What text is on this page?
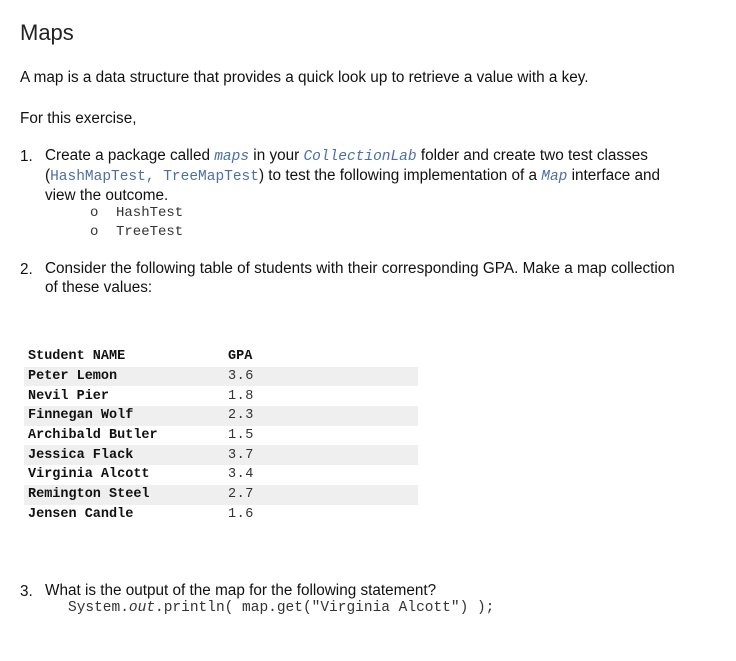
Maps
A map is a data structure that provides a quick look up to retrieve a value with a key.
For this exercise,
1. Create a package called maps in your CollectionLab folder and create two test classes
(HashMapTest, TreeMapTest) to test the following implementation of a Map interface and
view the outcome.
o HashTest
o TreeTest
2. Consider the following table of students with their corresponding GPA. Make a map collection
of these values:
Student NAME	GPA
Peter Lemon	3.6
Nevil Pier	1.8
Finnegan Wolf	2.3
Archibald Butler	1.5
Jessica Flack	3.7
Virginia Alcott	3.4
Remington Steel	2.7
Jensen Candle	1.6
3. What is the output of the map for the following statement?
System.out.println( map.get("Virginia Alcott") );
